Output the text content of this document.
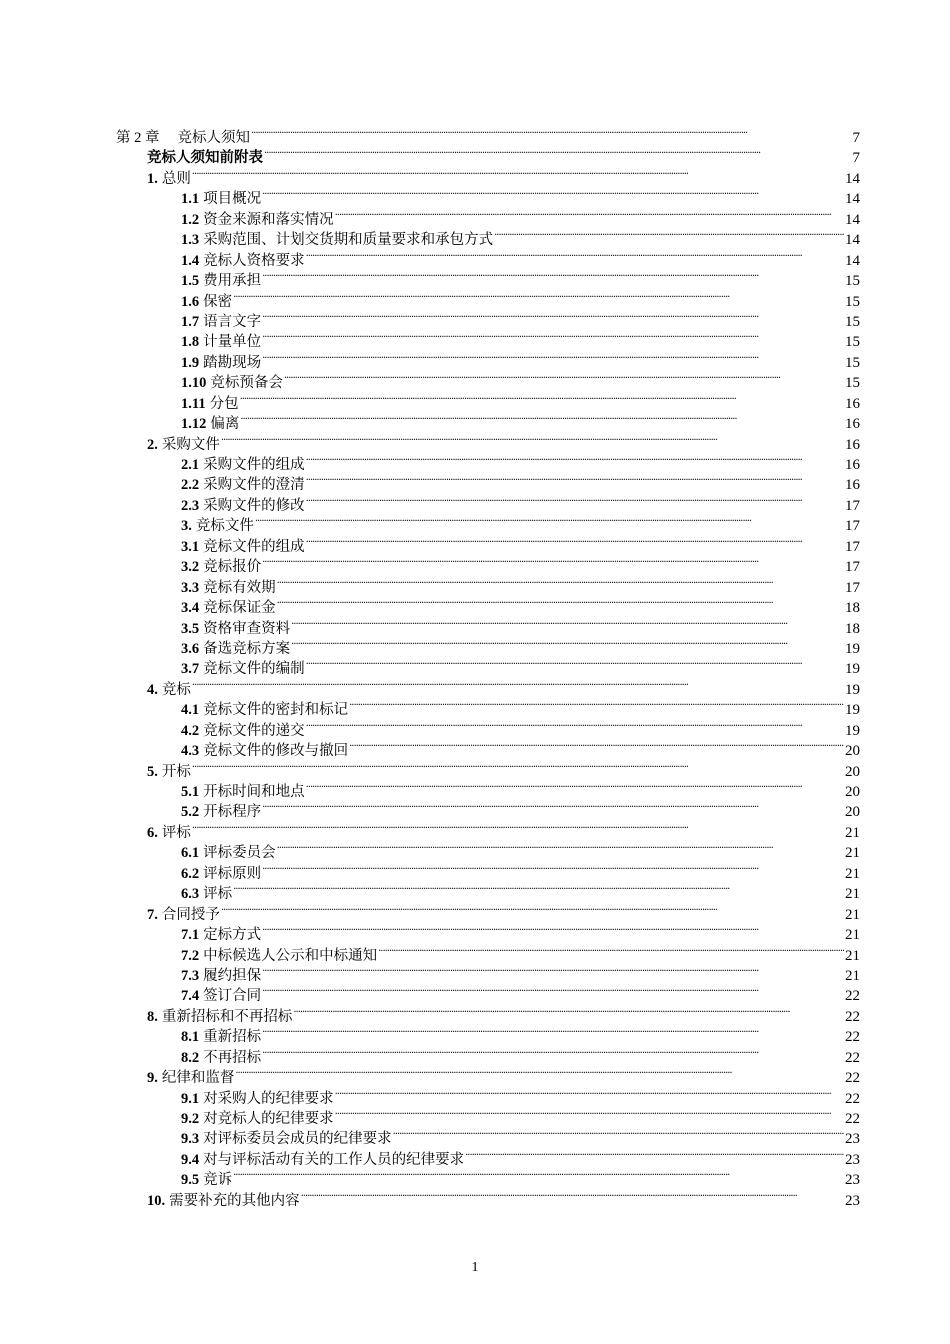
第 2 章 竞标人须知 . . .	7
竞标人须知前附表 . . .	7
1. 总则 . . .	14
1.1 项目概况 . . .	14
1.2 资金来源和落实情况 . . .	14
1.3 采购范围、计划交货期和质量要求和承包方式 . . .	14
1.4 竞标人资格要求 . . .	14
1.5 费用承担 . . .	15
1.6 保密 . . .	15
1.7 语言文字 . . .	15
1.8 计量单位 . . .	15
1.9 踏勘现场 . . .	15
1.10 竞标预备会 . . .	15
1.11 分包 . . .	16
1.12 偏离 . . .	16
2. 采购文件 . . .	16
2.1 采购文件的组成 . . .	16
2.2 采购文件的澄清 . . .	16
2.3 采购文件的修改 . . .	17
3. 竞标文件 . . .	17
3.1 竞标文件的组成 . . .	17
3.2 竞标报价 . . .	17
3.3 竞标有效期 . . .	17
3.4 竞标保证金 . . .	18
3.5 资格审查资料 . . .	18
3.6 备选竞标方案 . . .	19
3.7 竞标文件的编制 . . .	19
4. 竞标 . . .	19
4.1 竞标文件的密封和标记 . . .	19
4.2 竞标文件的递交 . . .	19
4.3 竞标文件的修改与撤回 . . .	20
5. 开标 . . .	20
5.1 开标时间和地点 . . .	20
5.2 开标程序 . . .	20
6. 评标 . . .	21
6.1 评标委员会 . . .	21
6.2 评标原则 . . .	21
6.3 评标 . . .	21
7. 合同授予 . . .	21
7.1 定标方式 . . .	21
7.2 中标候选人公示和中标通知 . . .	21
7.3 履约担保 . . .	21
7.4 签订合同 . . .	22
8. 重新招标和不再招标 . . .	22
8.1 重新招标 . . .	22
8.2 不再招标 . . .	22
9. 纪律和监督 . . .	22
9.1 对采购人的纪律要求 . . .	22
9.2 对竞标人的纪律要求 . . .	22
9.3 对评标委员会成员的纪律要求 . . .	23
9.4 对与评标活动有关的工作人员的纪律要求 . . .	23
9.5 竞诉 . . .	23
10. 需要补充的其他内容 . . .	23
1
